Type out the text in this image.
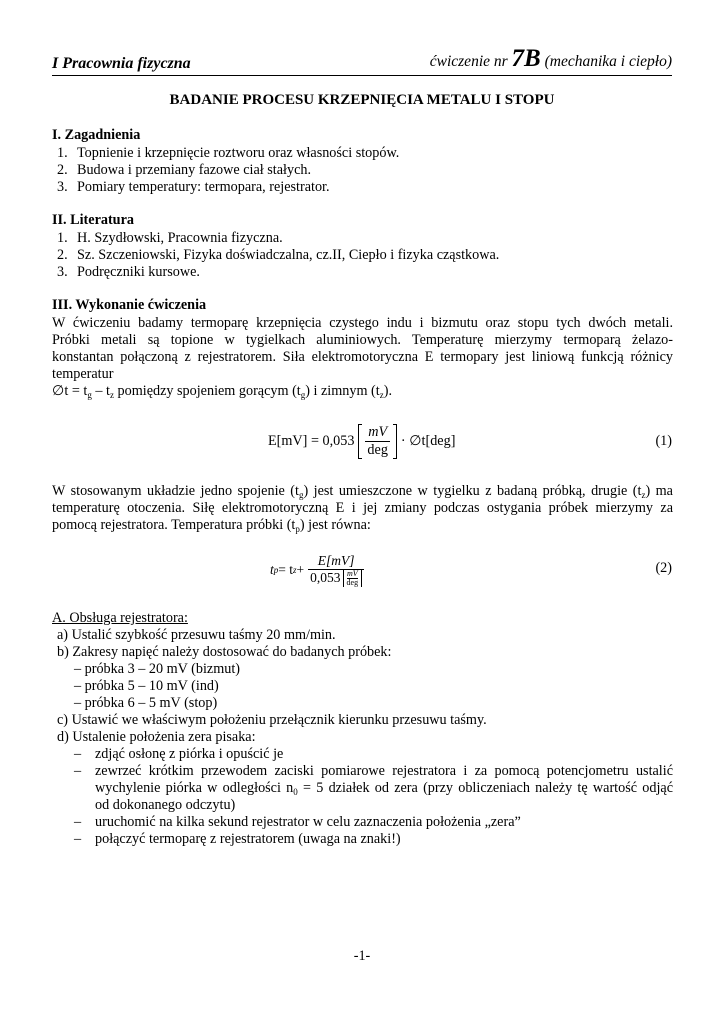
I Pracownia fizyczna	ćwiczenie nr 7B (mechanika i ciepło)
BADANIE PROCESU KRZEPNIĘCIA METALU I STOPU
I. Zagadnienia
1. Topnienie i krzepnięcie roztworu oraz własności stopów.
2. Budowa i przemiany fazowe ciał stałych.
3. Pomiary temperatury: termopara, rejestrator.
II. Literatura
1. H. Szydłowski, Pracownia fizyczna.
2. Sz. Szczeniowski, Fizyka doświadczalna, cz.II, Ciepło i fizyka cząstkowa.
3. Podręczniki kursowe.
III. Wykonanie ćwiczenia
W ćwiczeniu badamy termoparę krzepnięcia czystego indu i bizmutu oraz stopu tych dwóch metali.
Próbki metali są topione w tygielkach aluminiowych. Temperaturę mierzymy termoparą żelazo-
konstantan połączoną z rejestratorem. Siła elektromotoryczna E termopary jest liniową funkcją różnicy
temperatur
∅t = $t_g - t_z$ pomiędzy spojeniem gorącym $(t_g)$ i zimnym $(t_z)$.
$E[mV] = 0,053 \frac{mV}{\text{deg}}$ · ∅t[deg]	(1)
W stosowanym układzie jedno spojenie $(t_g)$ jest umieszczone w tygielku z badaną próbką, drugie $(t_z)$ ma
temperaturę otoczenia. Siłę elektromotoryczną E i jej zmiany podczas ostygania próbek mierzymy za
pomocą rejestratora. Temperatura próbki $(t_p)$ jest równa:
t p = t z + E[mV]
0,053 mV
deg	(2)
A. Obsługa rejestratora:
a) Ustalić szybkość przesuwu taśmy 20 mm/min.
b) Zakresy napięć należy dostosować do badanych próbek:
– próbka 3 – 20 mV (bizmut)
– próbka 5 – 10 mV (ind)
– próbka 6 – 5 mV (stop)
c) Ustawić we właściwym położeniu przełącznik kierunku przesuwu taśmy.
d) Ustalenie położenia zera pisaka:
– zdjąć osłonę z piórka i opuścić je
– zewrzeć krótkim przewodem zaciski pomiarowe rejestratora i za pomocą potencjometru ustalić
wychylenie piórka w odległości $n_0 = 5$ działek od zera (przy obliczeniach należy tę wartość odjąć
od dokonanego odczytu)
– uruchomić na kilka sekund rejestrator w celu zaznaczenia położenia „zera”
– połączyć termoparę z rejestratorem (uwaga na znaki!)
-1-
